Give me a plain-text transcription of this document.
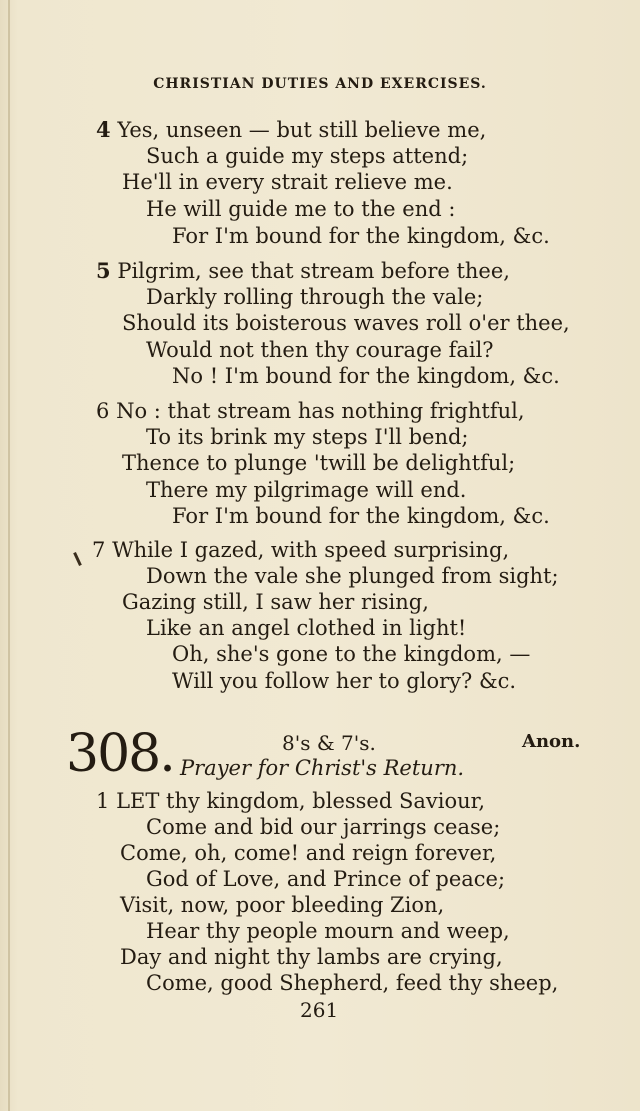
CHRISTIAN DUTIES AND EXERCISES.
4 Yes, unseen — but still believe me,
Such a guide my steps attend;
He'll in every strait relieve me.
He will guide me to the end :
For I'm bound for the kingdom, &c.
5 Pilgrim, see that stream before thee,
Darkly rolling through the vale;
Should its boisterous waves roll o'er thee,
Would not then thy courage fail?
No ! I'm bound for the kingdom, &c.
6 No : that stream has nothing frightful,
To its brink my steps I'll bend;
Thence to plunge 'twill be delightful;
There my pilgrimage will end.
For I'm bound for the kingdom, &c.
7 While I gazed, with speed surprising,
Down the vale she plunged from sight;
Gazing still, I saw her rising,
Like an angel clothed in light!
Oh, she's gone to the kingdom, —
Will you follow her to glory? &c.
308.	8's & 7's.	Anon.
Prayer for Christ's Return.
1 LET thy kingdom, blessed Saviour,
Come and bid our jarrings cease;
Come, oh, come! and reign forever,
God of Love, and Prince of peace;
Visit, now, poor bleeding Zion,
Hear thy people mourn and weep,
Day and night thy lambs are crying,
Come, good Shepherd, feed thy sheep,
261
